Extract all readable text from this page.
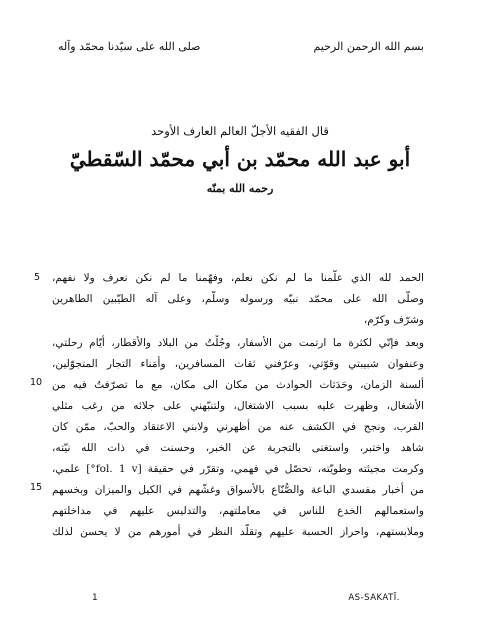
بسم الله الرحمن الرحيم
صلى الله على سيّدنا محمّد وآله
قال الفقيه الأجلّ العالم العارف الأوحد
أبو عبد الله محمّد بن أبي محمّد السّقطيّ
رحمه الله بمنّه
الحمد لله الذي علّمنا ما لم نكن نعلم، وفهّمنا ما لم نكن نعرف ولا نفهم،
وصلّى الله على محمّد نبيّه ورسوله وسلّم، وعلى آله الطيّبين الطاهرين
وشرّف وكرّم،
وبعد فإنّي لكثرة ما ارتمت من الأسفار، وجُلْتُ من البلاد والأقطار، أيّام رحلتي،
وعنفوان شبيبتي وقوّتي، وعرّفني ثقات المسافرين، وأُمَناء التجار المتجوّلين،
ألسنة الزمان، وحَدَثات الحوادث من مكان الى مكان، مع ما تصرّفتُ فيه من
الأشغال، وظهرت عليه بسبب الاشتغال، ولتنبّهني على جلائه من رغب مثلي
القرب، ونجح في الكشف عنه من أظهرني ولابني الاعتقاد والحبّ، ممّن كان
شاهد واختبر، واستغنى بالتجربة عن الخبر، وحسنت في ذات الله نيّته،
وكرمت مجيئته وطويّته، تحصّل في فهمي، وتقرّر في حقيقة [fol. 1 v°] علمي،
من أخبار مفسدي الباعة والصُّنّاع بالأسواق وغشّهم في الكيل والميزان وبخسهم
واستعمالهم الخدع للناس في معاملتهم، والتدليس عليهم في مداخلتهم
وملابستهم، واحراز الحسبة عليهم وتقلّد النظر في أمورهم من لا يحسن لذلك
5
10
15
1	AS-SAKATĪ.
